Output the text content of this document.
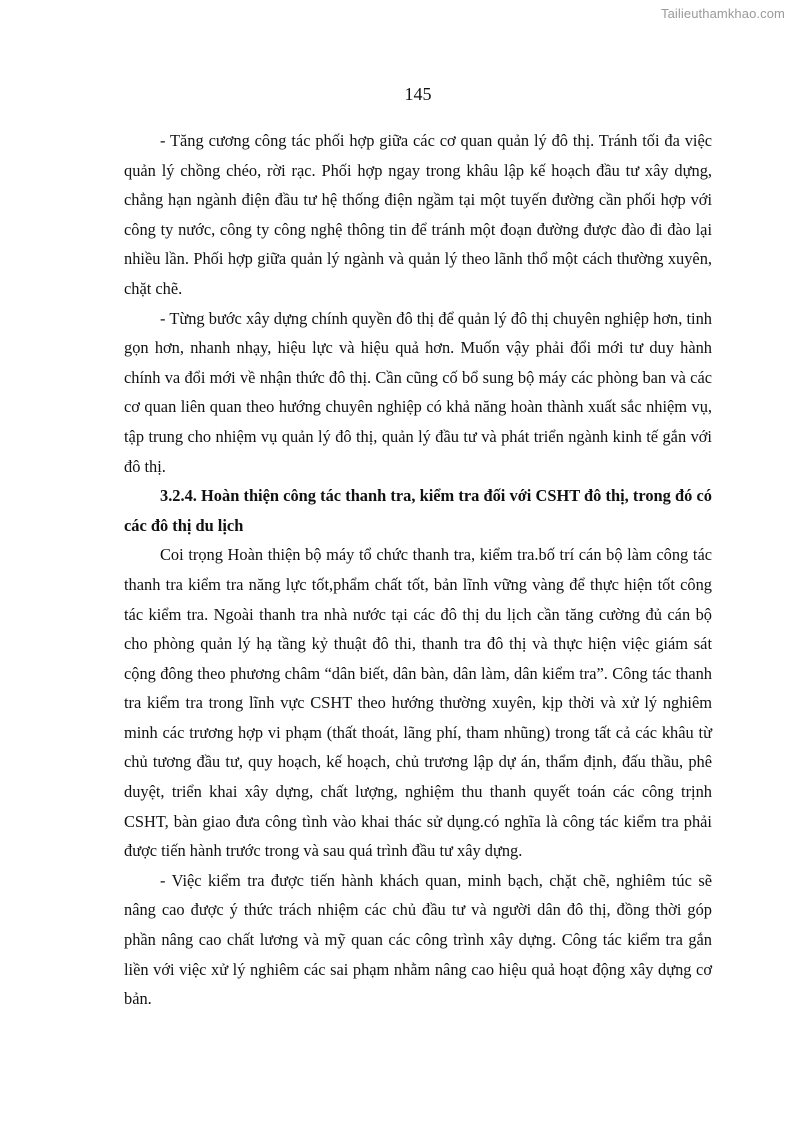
Tailieuthamkhao.com
145

- Tăng cương công tác phối hợp giữa các cơ quan quản lý đô thị. Tránh tối đa việc quản lý chồng chéo, rời rạc. Phối hợp ngay trong khâu lập kế hoạch đầu tư xây dựng, chẳng hạn ngành điện đầu tư hệ thống điện ngầm tại một tuyến đường cần phối hợp với công ty nước, công ty công nghệ thông tin để tránh một đoạn đường được đào đi đào lại nhiều lần. Phối hợp giữa quản lý ngành và quản lý theo lãnh thổ một cách thường xuyên, chặt chẽ.

- Từng bước xây dựng chính quyền đô thị để quản lý đô thị chuyên nghiệp hơn, tinh gọn hơn, nhanh nhạy, hiệu lực và hiệu quả hơn. Muốn vậy phải đổi mới tư duy hành chính va đổi mới về nhận thức đô thị. Cần cũng cố bổ sung bộ máy các phòng ban và các cơ quan liên quan theo hướng chuyên nghiệp có khả năng hoàn thành xuất sắc nhiệm vụ, tập trung cho nhiệm vụ quản lý đô thị, quản lý đầu tư và phát triển ngành kinh tế gắn với đô thị.

3.2.4. Hoàn thiện công tác thanh tra, kiểm tra đối với CSHT đô thị, trong đó có các đô thị du lịch

Coi trọng Hoàn thiện bộ máy tổ chức thanh tra, kiểm tra.bố trí cán bộ làm công tác thanh tra kiểm tra năng lực tốt,phẩm chất tốt, bản lĩnh vững vàng để thực hiện tốt công tác kiểm tra. Ngoài thanh tra nhà nước tại các đô thị du lịch cần tăng cường đủ cán bộ cho phòng quản lý hạ tầng kỷ thuật đô thi, thanh tra đô thị và thực hiện việc giám sát cộng đông theo phương châm “dân biết, dân bàn, dân làm, dân kiểm tra”. Công tác thanh tra kiểm tra trong lĩnh vực CSHT theo hướng thường xuyên, kịp thời và xử lý nghiêm minh các trương hợp vi phạm (thất thoát, lãng phí, tham nhũng) trong tất cả các khâu từ chủ tương đầu tư, quy hoạch, kế hoạch, chủ trương lập dự án, thẩm định, đấu thầu, phê duyệt, triển khai xây dựng, chất lượng, nghiệm thu thanh quyết toán các công trịnh CSHT, bàn giao đưa công tình vào khai thác sử dụng.có nghĩa là công tác kiểm tra phải được tiến hành trước trong và sau quá trình đầu tư xây dựng.

- Việc kiểm tra được tiến hành khách quan, minh bạch, chặt chẽ, nghiêm túc sẽ nâng cao được ý thức trách nhiệm các chủ đầu tư và người dân đô thị, đồng thời góp phần nâng cao chất lương và mỹ quan các công trình xây dựng. Công tác kiểm tra gắn liền với việc xử lý nghiêm các sai phạm nhằm nâng cao hiệu quả hoạt động xây dựng cơ bản.
